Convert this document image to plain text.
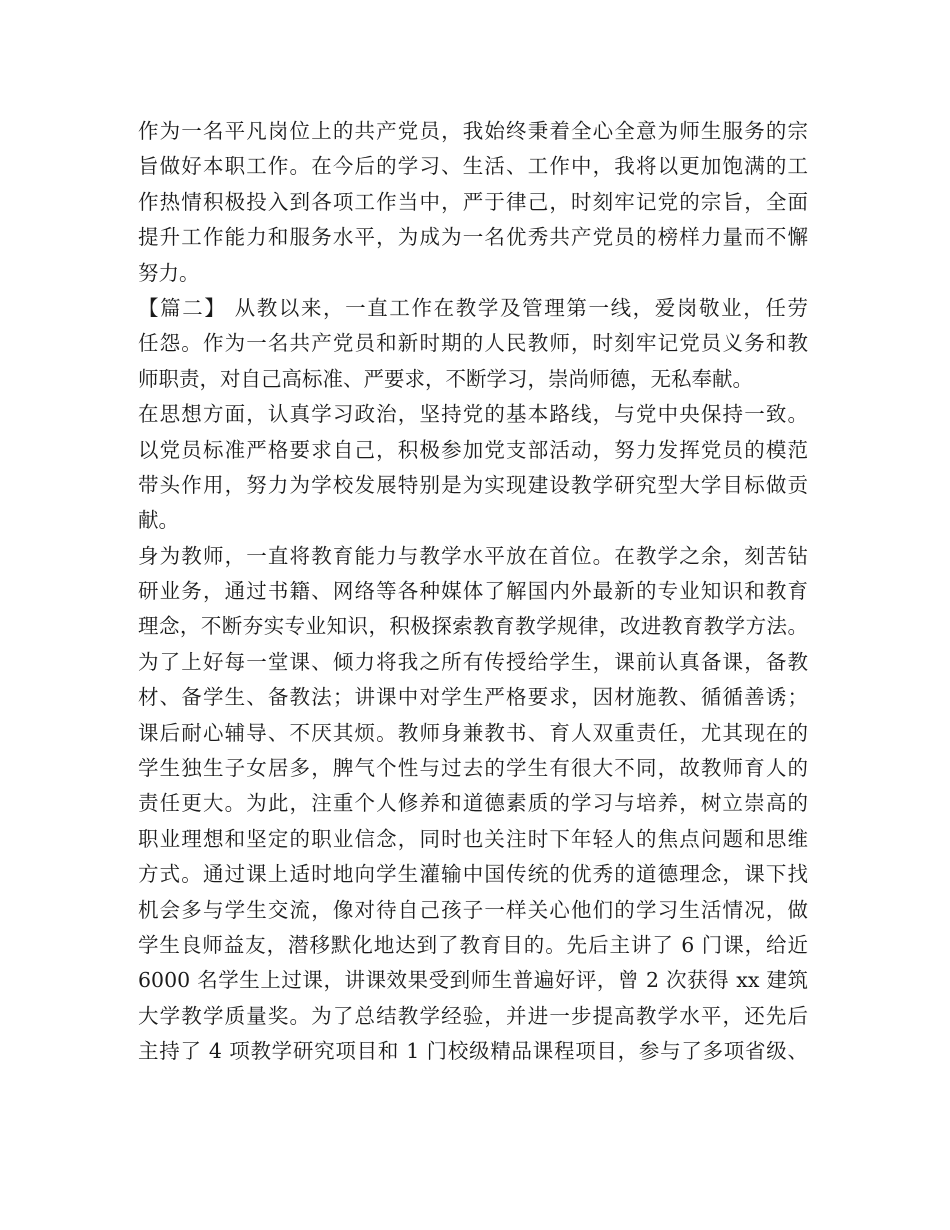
作为一名平凡岗位上的共产党员，我始终秉着全心全意为师生服务的宗
旨做好本职工作。在今后的学习、生活、工作中，我将以更加饱满的工
作热情积极投入到各项工作当中，严于律己，时刻牢记党的宗旨，全面
提升工作能力和服务水平，为成为一名优秀共产党员的榜样力量而不懈
努力。
【篇二】 从教以来，一直工作在教学及管理第一线，爱岗敬业，任劳
任怨。作为一名共产党员和新时期的人民教师，时刻牢记党员义务和教
师职责，对自己高标准、严要求，不断学习，崇尚师德，无私奉献。
在思想方面，认真学习政治，坚持党的基本路线，与党中央保持一致。
以党员标准严格要求自己，积极参加党支部活动，努力发挥党员的模范
带头作用，努力为学校发展特别是为实现建设教学研究型大学目标做贡
献。
身为教师，一直将教育能力与教学水平放在首位。在教学之余，刻苦钻
研业务，通过书籍、网络等各种媒体了解国内外最新的专业知识和教育
理念，不断夯实专业知识，积极探索教育教学规律，改进教育教学方法。
为了上好每一堂课、倾力将我之所有传授给学生，课前认真备课，备教
材、备学生、备教法；讲课中对学生严格要求，因材施教、循循善诱；
课后耐心辅导、不厌其烦。教师身兼教书、育人双重责任，尤其现在的
学生独生子女居多，脾气个性与过去的学生有很大不同，故教师育人的
责任更大。为此，注重个人修养和道德素质的学习与培养，树立崇高的
职业理想和坚定的职业信念，同时也关注时下年轻人的焦点问题和思维
方式。通过课上适时地向学生灌输中国传统的优秀的道德理念，课下找
机会多与学生交流，像对待自己孩子一样关心他们的学习生活情况，做
学生良师益友，潜移默化地达到了教育目的。先后主讲了 6 门课，给近
6000 名学生上过课，讲课效果受到师生普遍好评，曾 2 次获得 xx 建筑
大学教学质量奖。为了总结教学经验，并进一步提高教学水平，还先后
主持了 4 项教学研究项目和 1 门校级精品课程项目，参与了多项省级、
